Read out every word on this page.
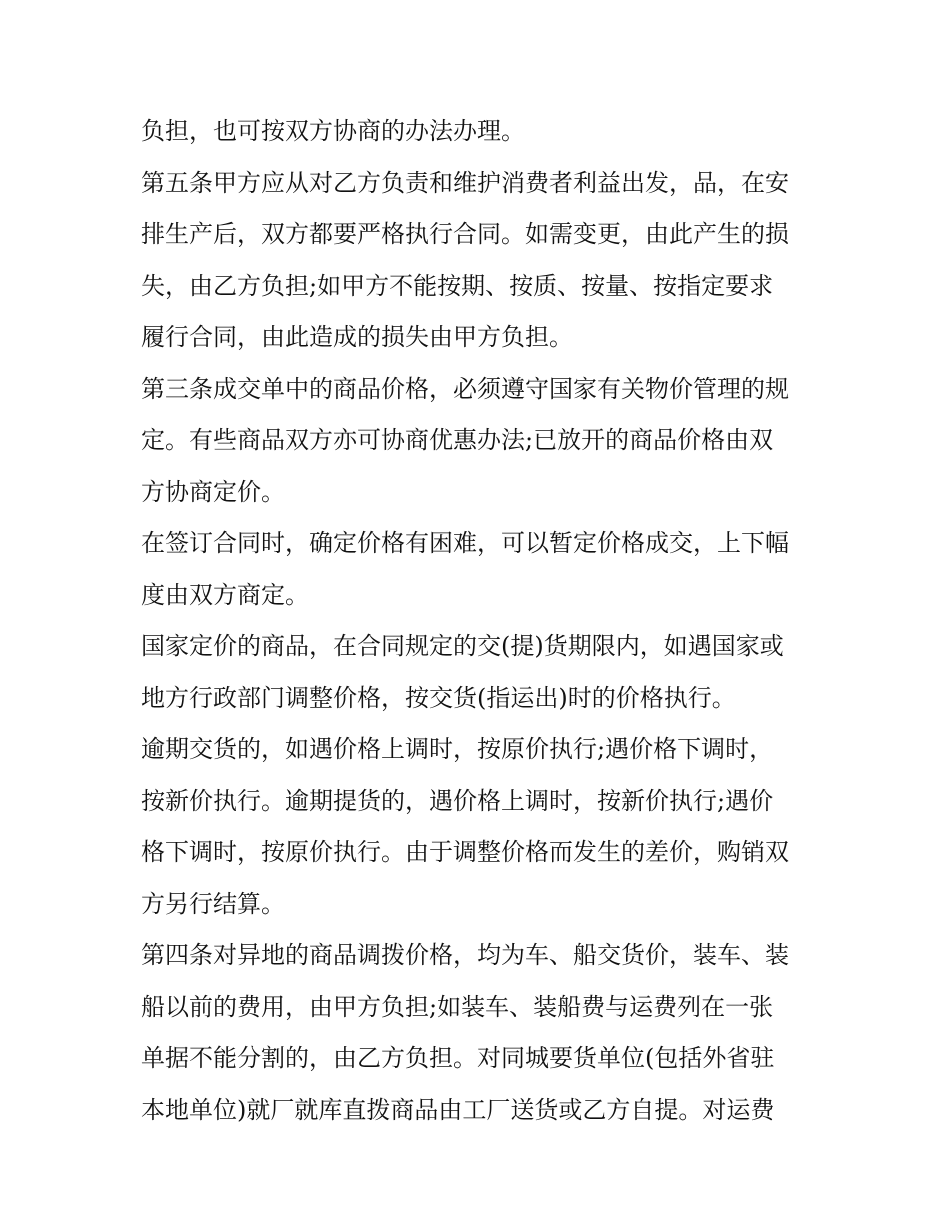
负担，也可按双方协商的办法办理。

第五条甲方应从对乙方负责和维护消费者利益出发，品，在安

排生产后，双方都要严格执行合同。如需变更，由此产生的损

失，由乙方负担;如甲方不能按期、按质、按量、按指定要求

履行合同，由此造成的损失由甲方负担。

第三条成交单中的商品价格，必须遵守国家有关物价管理的规

定。有些商品双方亦可协商优惠办法;已放开的商品价格由双

方协商定价。

在签订合同时，确定价格有困难，可以暂定价格成交，上下幅

度由双方商定。

国家定价的商品，在合同规定的交(提)货期限内，如遇国家或

地方行政部门调整价格，按交货(指运出)时的价格执行。

逾期交货的，如遇价格上调时，按原价执行;遇价格下调时，

按新价执行。逾期提货的，遇价格上调时，按新价执行;遇价

格下调时，按原价执行。由于调整价格而发生的差价，购销双

方另行结算。

第四条对异地的商品调拨价格，均为车、船交货价，装车、装

船以前的费用，由甲方负担;如装车、装船费与运费列在一张

单据不能分割的，由乙方负担。对同城要货单位(包括外省驻

本地单位)就厂就库直拨商品由工厂送货或乙方自提。对运费
